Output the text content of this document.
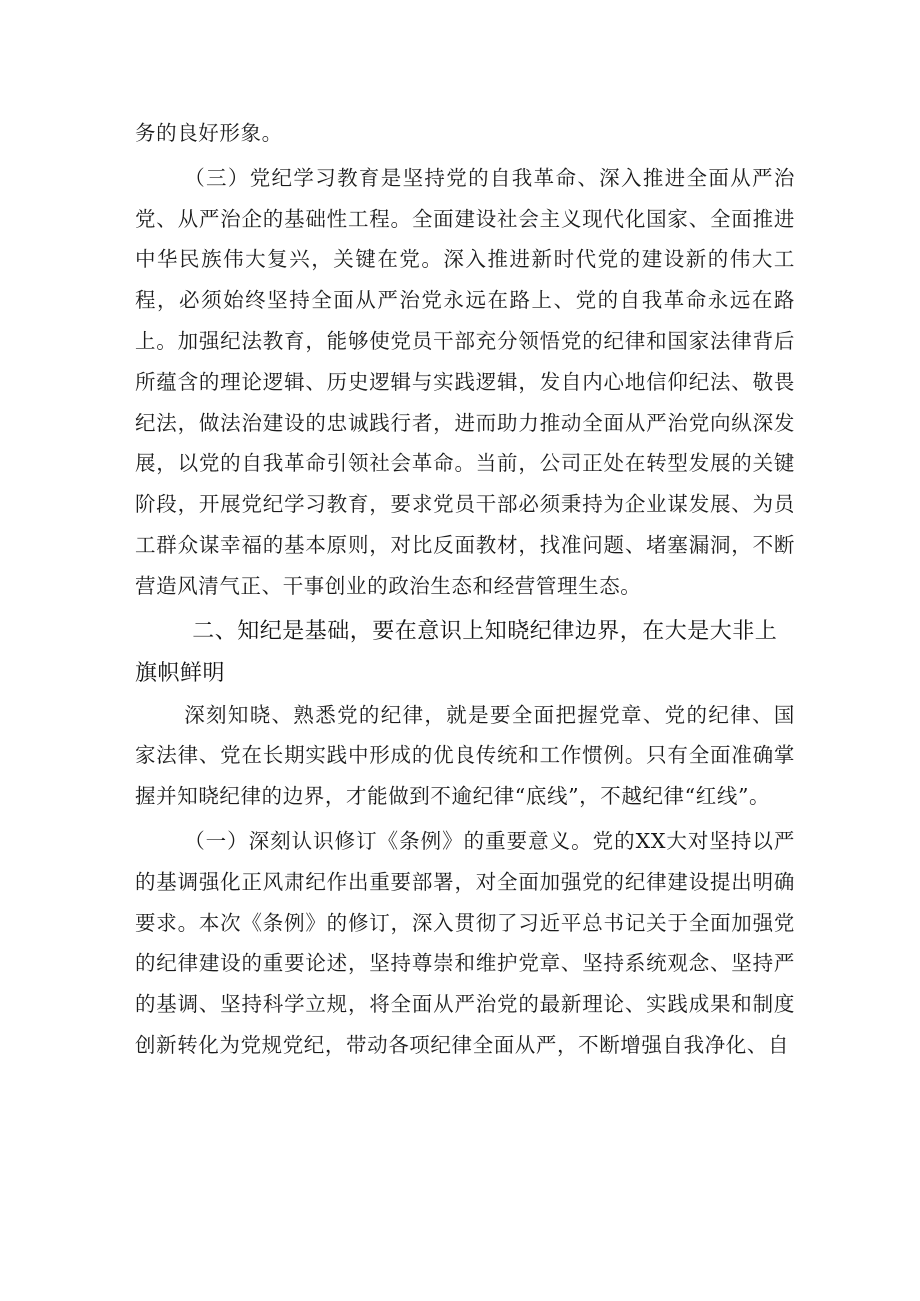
务的良好形象。

（三）党纪学习教育是坚持党的自我革命、深入推进全面从严治党、从严治企的基础性工程。全面建设社会主义现代化国家、全面推进中华民族伟大复兴，关键在党。深入推进新时代党的建设新的伟大工程，必须始终坚持全面从严治党永远在路上、党的自我革命永远在路上。加强纪法教育，能够使党员干部充分领悟党的纪律和国家法律背后所蕴含的理论逻辑、历史逻辑与实践逻辑，发自内心地信仰纪法、敬畏纪法，做法治建设的忠诚践行者，进而助力推动全面从严治党向纵深发展，以党的自我革命引领社会革命。当前，公司正处在转型发展的关键阶段，开展党纪学习教育，要求党员干部必须秉持为企业谋发展、为员工群众谋幸福的基本原则，对比反面教材，找准问题、堵塞漏洞，不断营造风清气正、干事创业的政治生态和经营管理生态。

二、知纪是基础，要在意识上知晓纪律边界，在大是大非上旗帜鲜明

深刻知晓、熟悉党的纪律，就是要全面把握党章、党的纪律、国家法律、党在长期实践中形成的优良传统和工作惯例。只有全面准确掌握并知晓纪律的边界，才能做到不逾纪律“底线”，不越纪律“红线”。

（一）深刻认识修订《条例》的重要意义。党的XX大对坚持以严的基调强化正风肃纪作出重要部署，对全面加强党的纪律建设提出明确要求。本次《条例》的修订，深入贯彻了习近平总书记关于全面加强党的纪律建设的重要论述，坚持尊崇和维护党章、坚持系统观念、坚持严的基调、坚持科学立规，将全面从严治党的最新理论、实践成果和制度创新转化为党规党纪，带动各项纪律全面从严，不断增强自我净化、自
